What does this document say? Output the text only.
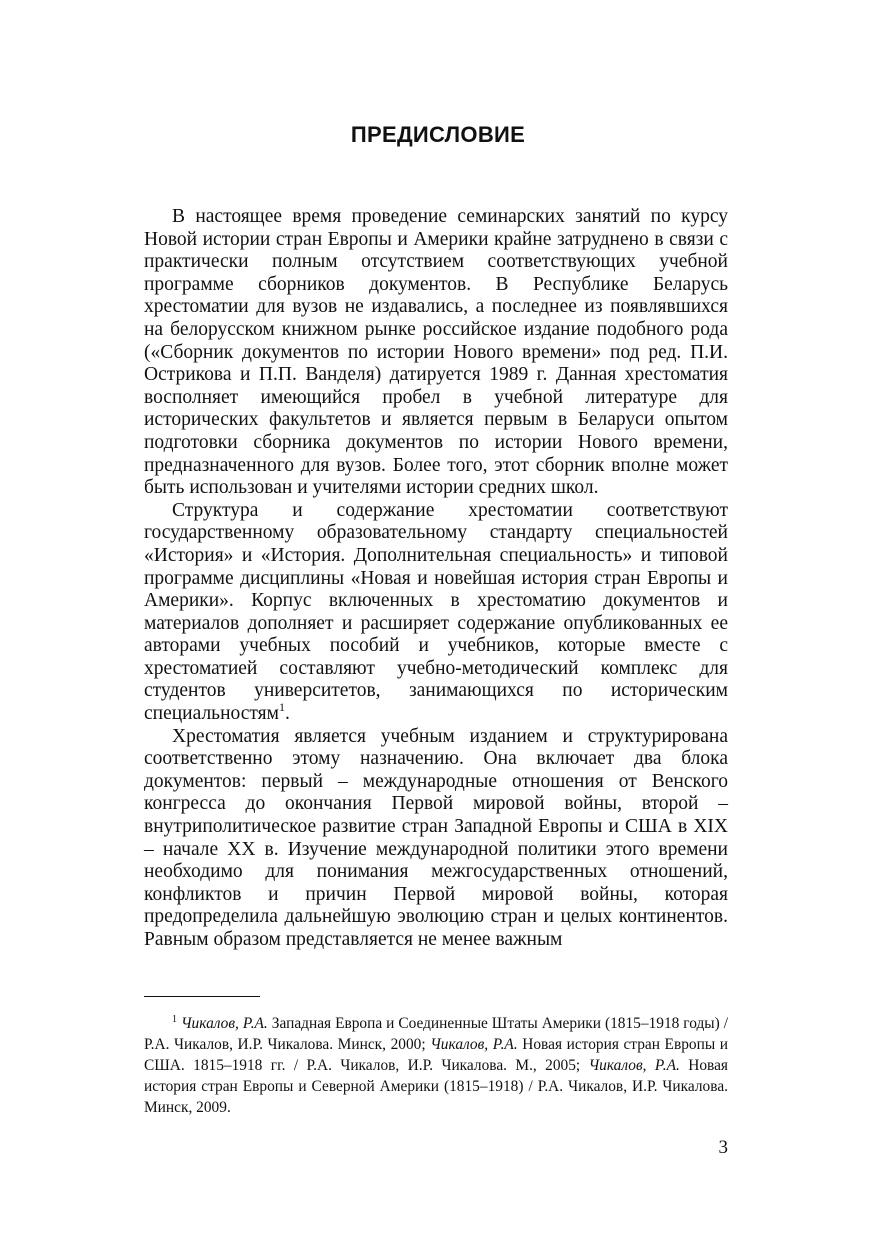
ПРЕДИСЛОВИЕ

В настоящее время проведение семинарских занятий по курсу Новой истории стран Европы и Америки крайне затруднено в связи с практически полным отсутствием соответствующих учебной программе сборников документов. В Республике Беларусь хрестоматии для вузов не издавались, а последнее из появлявшихся на белорусском книжном рынке российское издание подобного рода («Сборник документов по истории Нового времени» под ред. П.И. Острикова и П.П. Ванделя) датируется 1989 г. Данная хрестоматия восполняет имеющийся пробел в учебной литературе для исторических факультетов и является первым в Беларуси опытом подготовки сборника документов по истории Нового времени, предназначенного для вузов. Более того, этот сборник вполне может быть использован и учителями истории средних школ.

Структура и содержание хрестоматии соответствуют государственному образовательному стандарту специальностей «История» и «История. Дополнительная специальность» и типовой программе дисциплины «Новая и новейшая история стран Европы и Америки». Корпус включенных в хрестоматию документов и материалов дополняет и расширяет содержание опубликованных ее авторами учебных пособий и учебников, которые вместе с хрестоматией составляют учебно-методический комплекс для студентов университетов, занимающихся по историческим специальностям$^1$.

Хрестоматия является учебным изданием и структурирована соответственно этому назначению. Она включает два блока документов: первый – международные отношения от Венского конгресса до окончания Первой мировой войны, второй – внутриполитическое развитие стран Западной Европы и США в XIX – начале XX в. Изучение международной политики этого времени необходимо для понимания межгосударственных отношений, конфликтов и причин Первой мировой войны, которая предопределила дальнейшую эволюцию стран и целых континентов. Равным образом представляется не менее важным

$^1$ Чикалов, Р.А. Западная Европа и Соединенные Штаты Америки (1815–1918 годы) / Р.А. Чикалов, И.Р. Чикалова. Минск, 2000; Чикалов, Р.А. Новая история стран Европы и США. 1815–1918 гг. / Р.А. Чикалов, И.Р. Чикалова. М., 2005; Чикалов, Р.А. Новая история стран Европы и Северной Америки (1815–1918) / Р.А. Чикалов, И.Р. Чикалова. Минск, 2009.

3
